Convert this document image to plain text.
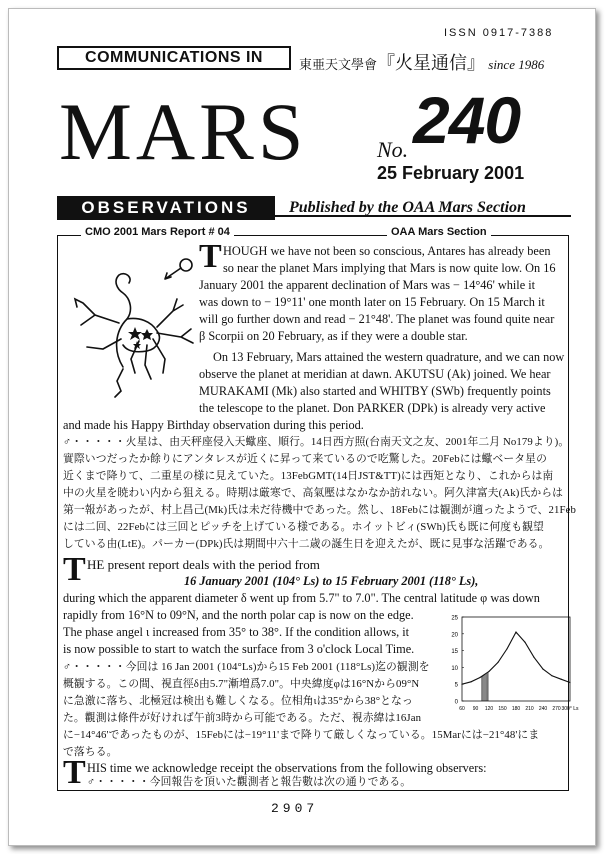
ISSN 0917-7388
COMMUNICATIONS IN	東亜天文學會『火星通信』 since 1986
MARS	No. 240
25 February 2001
OBSERVATIONS	Published by the OAA Mars Section
CMO 2001 Mars Report # 04	OAA Mars Section
T HOUGH we have not been so conscious, Antares has already been
so near the planet Mars implying that Mars is now quite low. On 16
January 2001 the apparent declination of Mars was − 14°46' while it
was down to − 19°11' one month later on 15 February. On 15 March it
will go further down and read − 21°48'. The planet was found quite near
β Scorpii on 20 February, as if they were a double star.
On 13 February, Mars attained the western quadrature, and we can now
observe the planet at meridian at dawn. AKUTSU (Ak) joined. We hear
MURAKAMI (Mk) also started and WHITBY (SWb) frequently points
the telescope to the planet. Don PARKER (DPk) is already very active
and made his Happy Birthday observation during this period.
♂・・・・・火星は、由天秤座侵入天蠍座、順行。14日西方照(台南天文之友、2001年二月 No179より)。
實際いつだったか餘りにアンタレスが近くに昇って来ているので吃驚した。20Febには蠍ベータ星の
近くまで降りて、二重星の様に見えていた。13FebGMT(14日JST&TT)には西矩となり、これからは南
中の火星を暁わい内から狙える。時期は厳寒で、高氣壓はなかなか訪れない。阿久津富夫(Ak)氏からは
第一報があったが、村上昌己(Mk)氏は未だ待機中であった。然し、18Febには観測が適ったようで、21Feb
には二回、22Febには三回とピッチを上げている様である。ホイットビィ(SWh)氏も既に何度も観望
している由(LtE)。パーカー(DPk)氏は期間中六十二歳の誕生日を迎えたが、既に見事な活躍である。
T HE present report deals with the period from
16 January 2001 (104° Ls) to 15 February 2001 (118° Ls),
during which the apparent diameter δ went up from 5.7" to 7.0". The central latitude φ was down
rapidly from 16°N to 09°N, and the north polar cap is now on the edge.
The phase angel ι increased from 35° to 38°. If the condition allows, it
is now possible to start to watch the surface from 3 o'clock Local Time.
♂・・・・・今回は 16 Jan 2001 (104°Ls)から15 Feb 2001 (118°Ls)迄の観測を
概観する。この間、視直徑δ由5.7"漸増爲7.0"。中央緯度φは16°Nから09°N
に急激に落ち、北極冠は検出も難しくなる。位相角ιは35°から38°となっ
た。觀測は條件が好ければ午前3時から可能である。ただ、視赤緯は16Jan
に−14°46'であったものが、15Febには−19°11'まで降りて厳しくなっている。15Marには−21°48'にま
で落ちる。
T HIS time we acknowledge receipt the observations from the following observers:
♂・・・・・今回報告を頂いた觀測者と報告數は次の通りである。
0
5
10
15
20
25
60 90 120 150 180 210 240 270 300° Ls
2907
